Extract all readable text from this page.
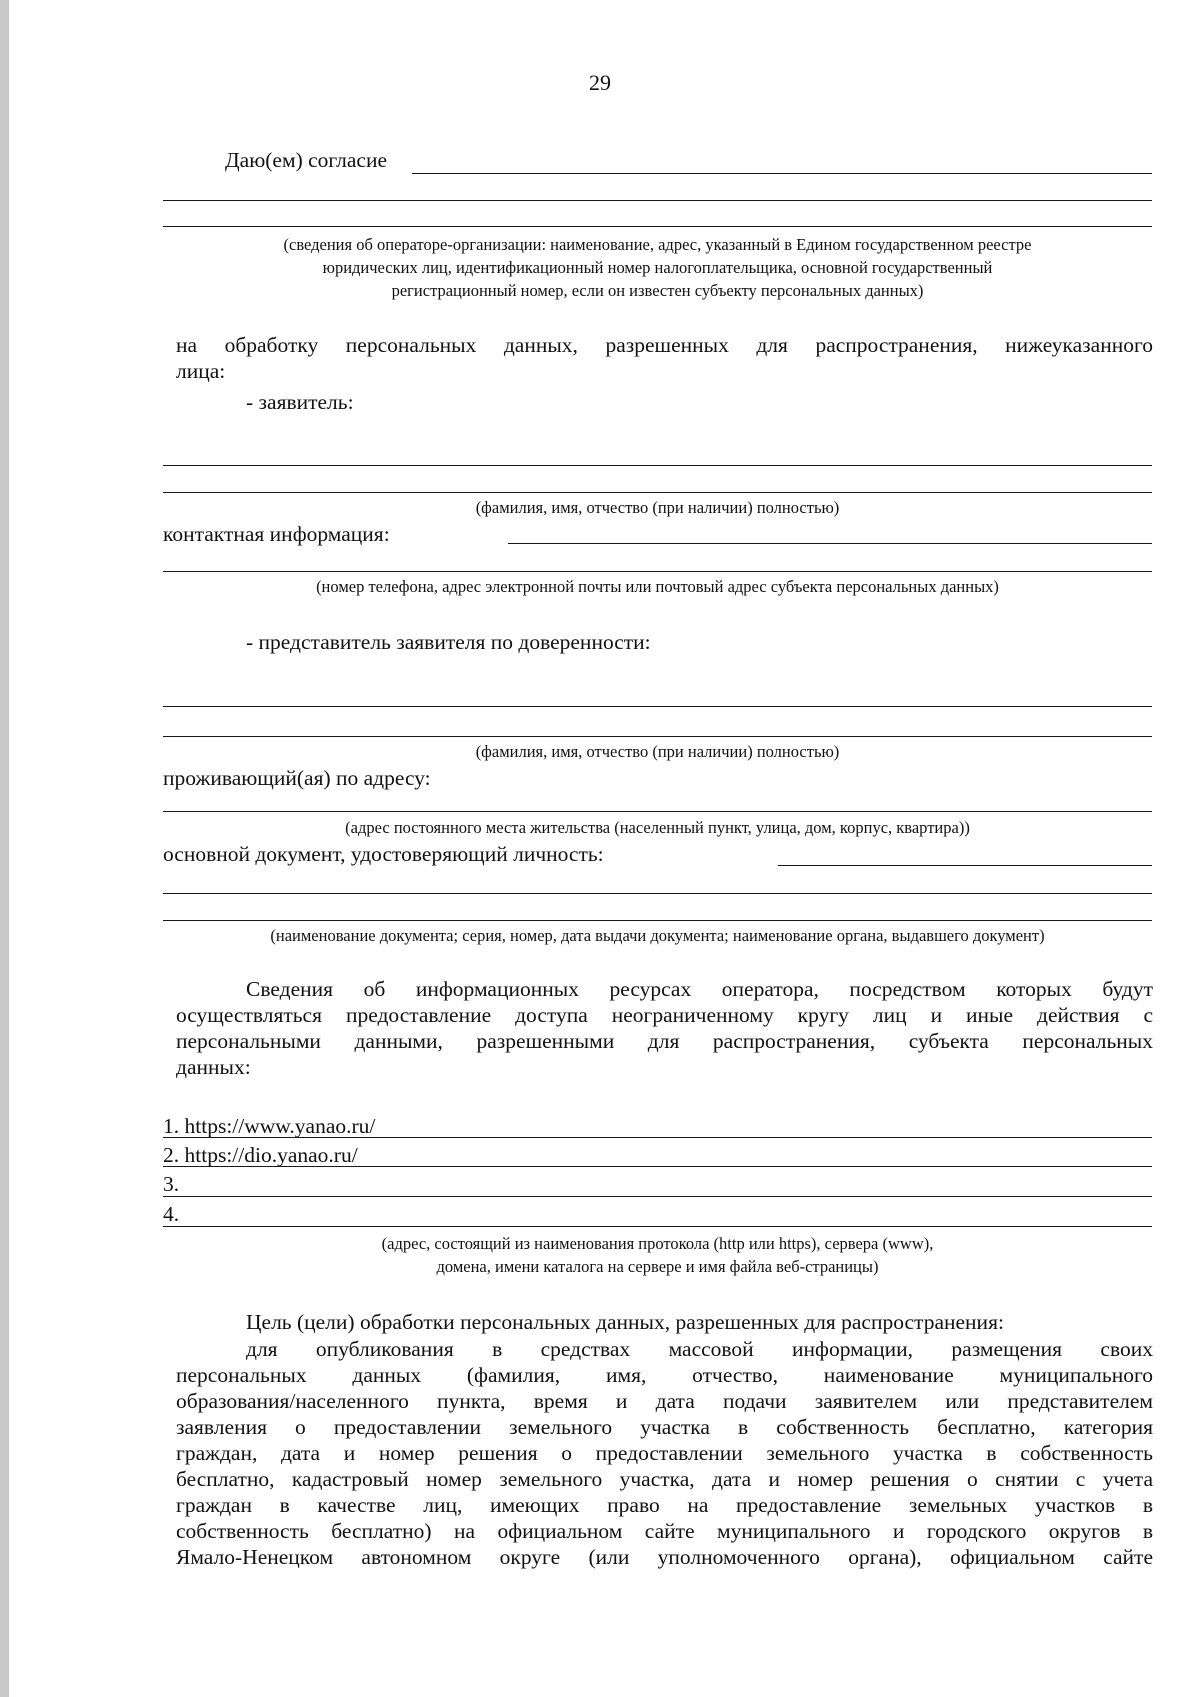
29
Даю(ем) согласие
(сведения об операторе-организации: наименование, адрес, указанный в Едином государственном реестре
юридических лиц, идентификационный номер налогоплательщика, основной государственный
регистрационный номер, если он известен субъекту персональных данных)
на обработку персональных данных, разрешенных для распространения, нижеуказанного
лица:
- заявитель:
(фамилия, имя, отчество (при наличии) полностью)
контактная информация:
(номер телефона, адрес электронной почты или почтовый адрес субъекта персональных данных)
- представитель заявителя по доверенности:
(фамилия, имя, отчество (при наличии) полностью)
проживающий(ая) по адресу:
(адрес постоянного места жительства (населенный пункт, улица, дом, корпус, квартира))
основной документ, удостоверяющий личность:
(наименование документа; серия, номер, дата выдачи документа; наименование органа, выдавшего документ)
Сведения об информационных ресурсах оператора, посредством которых будут
осуществляться предоставление доступа неограниченному кругу лиц и иные действия с
персональными данными, разрешенными для распространения, субъекта персональных
данных:
1. https://www.yanao.ru/
2. https://dio.yanao.ru/
3.
4.
(адрес, состоящий из наименования протокола (http или https), сервера (www),
домена, имени каталога на сервере и имя файла веб-страницы)
Цель (цели) обработки персональных данных, разрешенных для распространения:
для опубликования в средствах массовой информации, размещения своих
персональных данных (фамилия, имя, отчество, наименование муниципального
образования/населенного пункта, время и дата подачи заявителем или представителем
заявления о предоставлении земельного участка в собственность бесплатно, категория
граждан, дата и номер решения о предоставлении земельного участка в собственность
бесплатно, кадастровый номер земельного участка, дата и номер решения о снятии с учета
граждан в качестве лиц, имеющих право на предоставление земельных участков в
собственность бесплатно) на официальном сайте муниципального и городского округов в
Ямало-Ненецком автономном округе (или уполномоченного органа), официальном сайте
